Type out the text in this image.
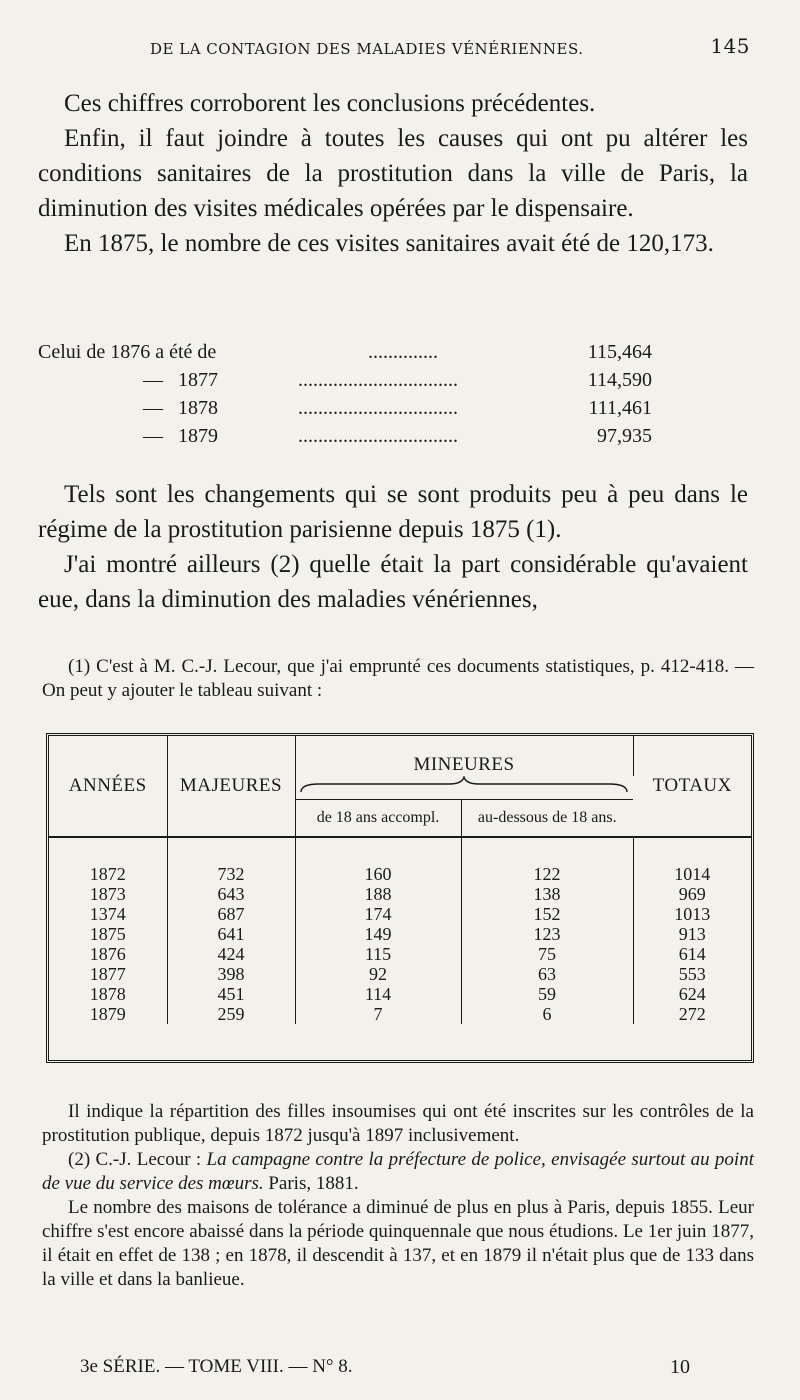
DE LA CONTAGION DES MALADIES VÉNÉRIENNES.	145

Ces chiffres corroborent les conclusions précédentes.

Enfin, il faut joindre à toutes les causes qui ont pu altérer les conditions sanitaires de la prostitution dans la ville de Paris, la diminution des visites médicales opérées par le dispensaire.

En 1875, le nombre de ces visites sanitaires avait été de 120,173.

Celui de 1876 a été de	..............	115,464
—   1877	................................	114,590
—   1878	................................	111,461
—   1879	................................	97,935

Tels sont les changements qui se sont produits peu à peu dans le régime de la prostitution parisienne depuis 1875 (1).

J'ai montré ailleurs (2) quelle était la part considérable qu'avaient eue, dans la diminution des maladies vénériennes,

(1) C'est à M. C.-J. Lecour, que j'ai emprunté ces documents statistiques, p. 412-418. — On peut y ajouter le tableau suivant :

ANNÉES	MAJEURES	MINEURES		TOTAUX

		de 18 ans accompl.	au-dessous de 18 ans.	

1872	732	160	122	1014
1873	643	188	138	969
1374	687	174	152	1013
1875	641	149	123	913
1876	424	115	75	614
1877	398	92	63	553
1878	451	114	59	624
1879	259	7	6	272

Il indique la répartition des filles insoumises qui ont été inscrites sur les contrôles de la prostitution publique, depuis 1872 jusqu'à 1897 inclusivement.

(2) C.-J. Lecour : La campagne contre la préfecture de police, envisagée surtout au point de vue du service des mœurs. Paris, 1881.

Le nombre des maisons de tolérance a diminué de plus en plus à Paris, depuis 1855. Leur chiffre s'est encore abaissé dans la période quinquennale que nous étudions. Le 1er juin 1877, il était en effet de 138 ; en 1878, il descendit à 137, et en 1879 il n'était plus que de 133 dans la ville et dans la banlieue.

3e SÉRIE. — TOME VIII. — N° 8.	10
